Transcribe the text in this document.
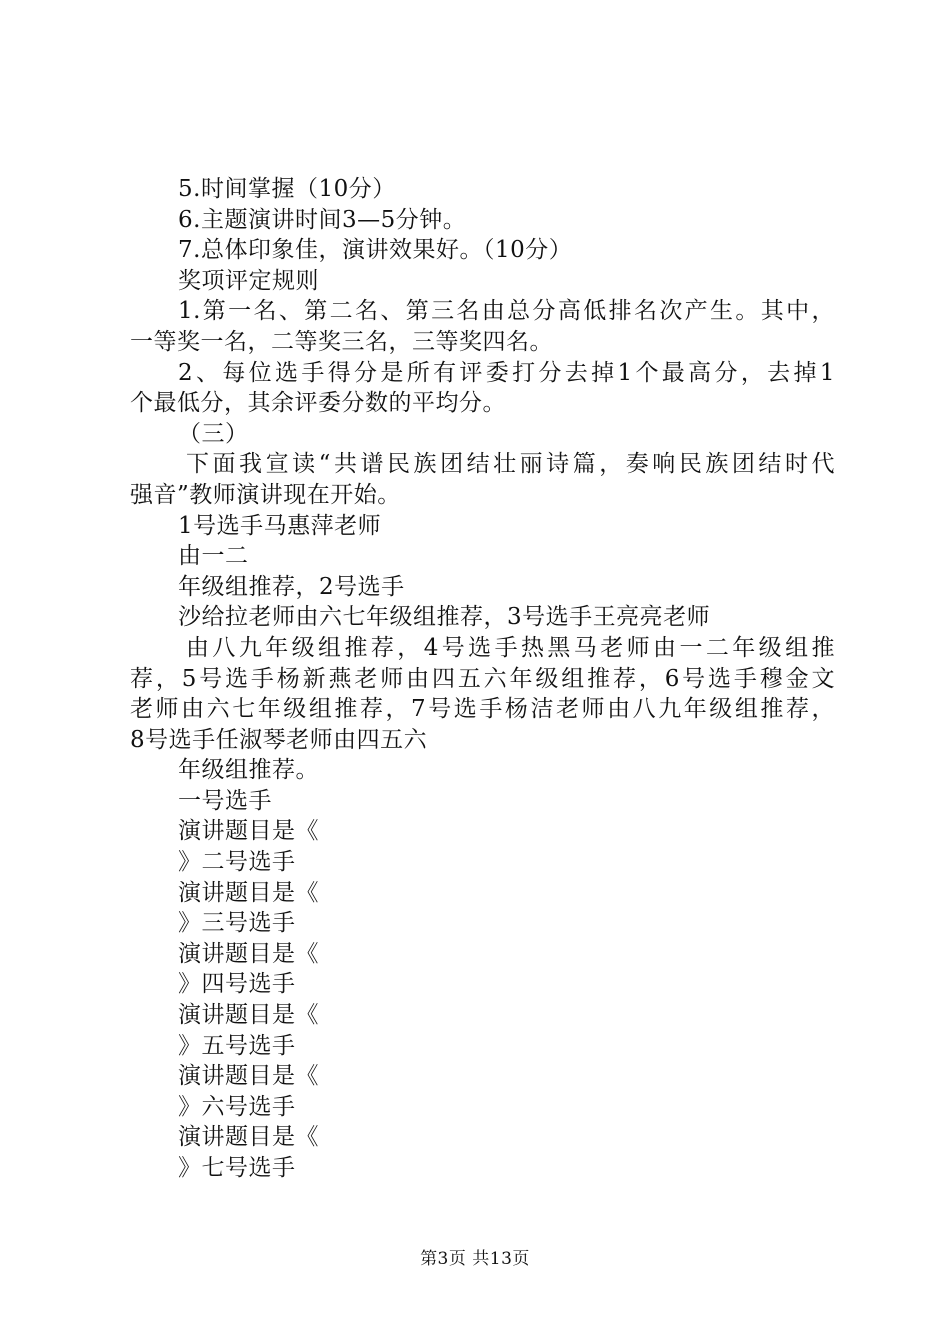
5.时间掌握（10分）
6.主题演讲时间3—5分钟。
7.总体印象佳，演讲效果好。（10分）
奖项评定规则
1.第一名、第二名、第三名由总分高低排名次产生。其中，
一等奖一名，二等奖三名，三等奖四名。
2、每位选手得分是所有评委打分去掉1个最高分，去掉1
个最低分，其余评委分数的平均分。
（三）
下面我宣读“共谱民族团结壮丽诗篇，奏响民族团结时代
强音”教师演讲现在开始。
1号选手马惠萍老师
由一二
年级组推荐，2号选手
沙给拉老师由六七年级组推荐，3号选手王亮亮老师
由八九年级组推荐，4号选手热黑马老师由一二年级组推
荐，5号选手杨新燕老师由四五六年级组推荐，6号选手穆金文
老师由六七年级组推荐，7号选手杨洁老师由八九年级组推荐，
8号选手任淑琴老师由四五六
年级组推荐。
一号选手
演讲题目是《
》二号选手
演讲题目是《
》三号选手
演讲题目是《
》四号选手
演讲题目是《
》五号选手
演讲题目是《
》六号选手
演讲题目是《
》七号选手
第3页 共13页
